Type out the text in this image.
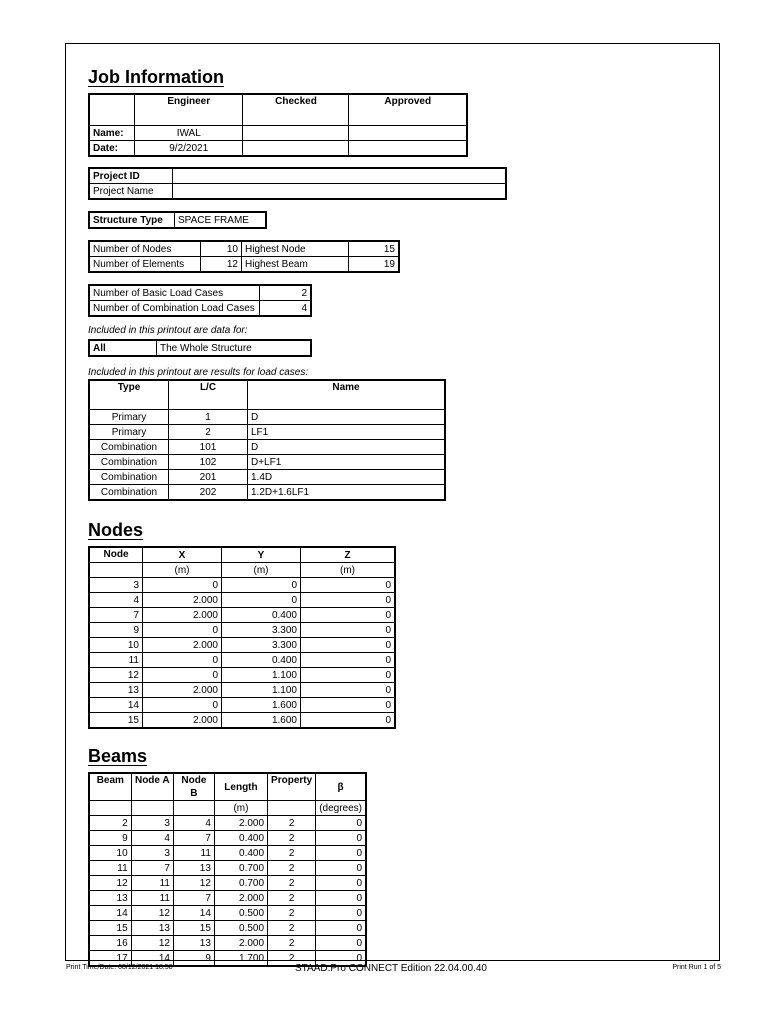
Job Information
	Engineer	Checked	Approved
Name:	IWAL		
Date:	9/2/2021		
Project ID	
Project Name	
Structure Type	SPACE FRAME
Number of Nodes	10	Highest Node	15
Number of Elements	12	Highest Beam	19
Number of Basic Load Cases	2
Number of Combination Load Cases	4
Included in this printout are data for:
All	The Whole Structure
Included in this printout are results for load cases:
Type	L/C	Name
Primary	1	D
Primary	2	LF1
Combination	101	D
Combination	102	D+LF1
Combination	201	1.4D
Combination	202	1.2D+1.6LF1
Nodes
Node	X	Y	Z
	(m)	(m)	(m)
3	0	0	0
4	2.000	0	0
7	2.000	0.400	0
9	0	3.300	0
10	2.000	3.300	0
11	0	0.400	0
12	0	1.100	0
13	2.000	1.100	0
14	0	1.600	0
15	2.000	1.600	0
Beams
Beam	Node A	Node B	Length	Property	β
			(m)		(degrees)
2	3	4	2.000	2	0
9	4	7	0.400	2	0
10	3	11	0.400	2	0
11	7	13	0.700	2	0
12	11	12	0.700	2	0
13	11	7	2.000	2	0
14	12	14	0.500	2	0
15	13	15	0.500	2	0
16	12	13	2.000	2	0
17	14	9	1.700	2	0
Print Time/Date: 08/12/2021 18:58	STAAD.Pro CONNECT Edition 22.04.00.40	Print Run 1 of 5
